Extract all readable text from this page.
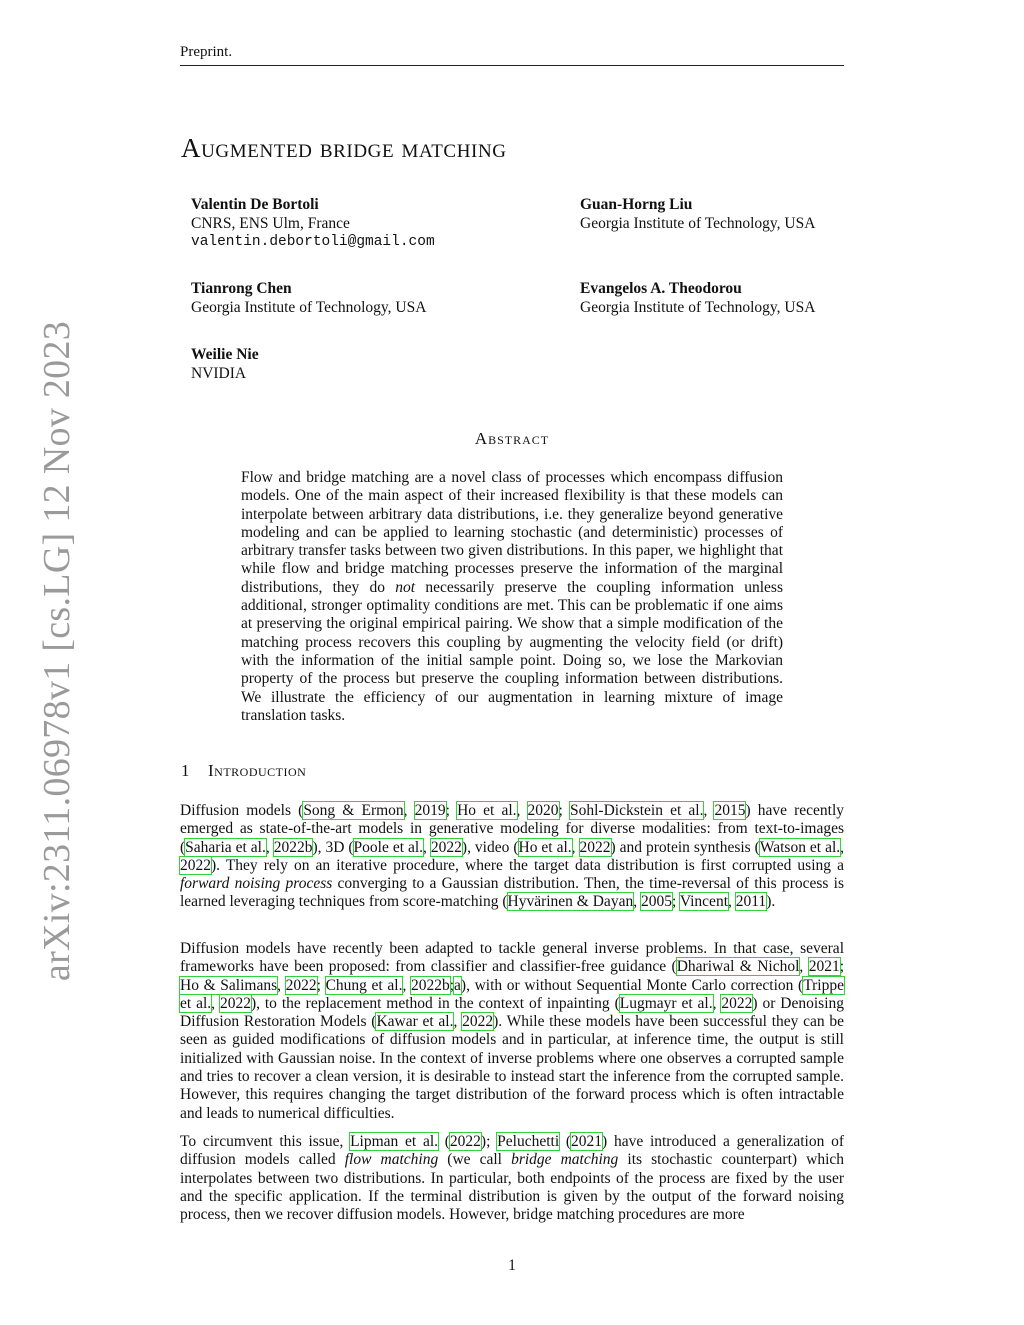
Preprint.
arXiv:2311.06978v1 [cs.LG] 12 Nov 2023
Augmented bridge matching
Valentin De Bortoli
CNRS, ENS Ulm, France
valentin.debortoli@gmail.com
Guan-Horng Liu
Georgia Institute of Technology, USA
Tianrong Chen
Georgia Institute of Technology, USA
Evangelos A. Theodorou
Georgia Institute of Technology, USA
Weilie Nie
NVIDIA
Abstract
Flow and bridge matching are a novel class of processes which encompass diffusion models. One of the main aspect of their increased flexibility is that these models can interpolate between arbitrary data distributions, i.e. they generalize beyond generative modeling and can be applied to learning stochastic (and deterministic) processes of arbitrary transfer tasks between two given distributions. In this paper, we highlight that while flow and bridge matching processes preserve the information of the marginal distributions, they do not necessarily preserve the coupling information unless additional, stronger optimality conditions are met. This can be problematic if one aims at preserving the original empirical pairing. We show that a simple modification of the matching process recovers this coupling by augmenting the velocity field (or drift) with the information of the initial sample point. Doing so, we lose the Markovian property of the process but preserve the coupling information between distributions. We illustrate the efficiency of our augmentation in learning mixture of image translation tasks.
1 Introduction

Diffusion models (Song & Ermon, 2019; Ho et al., 2020; Sohl-Dickstein et al., 2015) have recently emerged as state-of-the-art models in generative modeling for diverse modalities: from text-to-images (Saharia et al., 2022b), 3D (Poole et al., 2022), video (Ho et al., 2022) and protein synthesis (Watson et al., 2022). They rely on an iterative procedure, where the target data distribution is first corrupted using a forward noising process converging to a Gaussian distribution. Then, the time-reversal of this process is learned leveraging techniques from score-matching (Hyvärinen & Dayan, 2005; Vincent, 2011).

Diffusion models have recently been adapted to tackle general inverse problems. In that case, several frameworks have been proposed: from classifier and classifier-free guidance (Dhariwal & Nichol, 2021; Ho & Salimans, 2022; Chung et al., 2022b;a), with or without Sequential Monte Carlo correction (Trippe et al., 2022), to the replacement method in the context of inpainting (Lugmayr et al., 2022) or Denoising Diffusion Restoration Models (Kawar et al., 2022). While these models have been successful they can be seen as guided modifications of diffusion models and in particular, at inference time, the output is still initialized with Gaussian noise. In the context of inverse problems where one observes a corrupted sample and tries to recover a clean version, it is desirable to instead start the inference from the corrupted sample. However, this requires changing the target distribution of the forward process which is often intractable and leads to numerical difficulties.

To circumvent this issue, Lipman et al. (2022); Peluchetti (2021) have introduced a generalization of diffusion models called flow matching (we call bridge matching its stochastic counterpart) which interpolates between two distributions. In particular, both endpoints of the process are fixed by the user and the specific application. If the terminal distribution is given by the output of the forward noising process, then we recover diffusion models. However, bridge matching procedures are more

1
